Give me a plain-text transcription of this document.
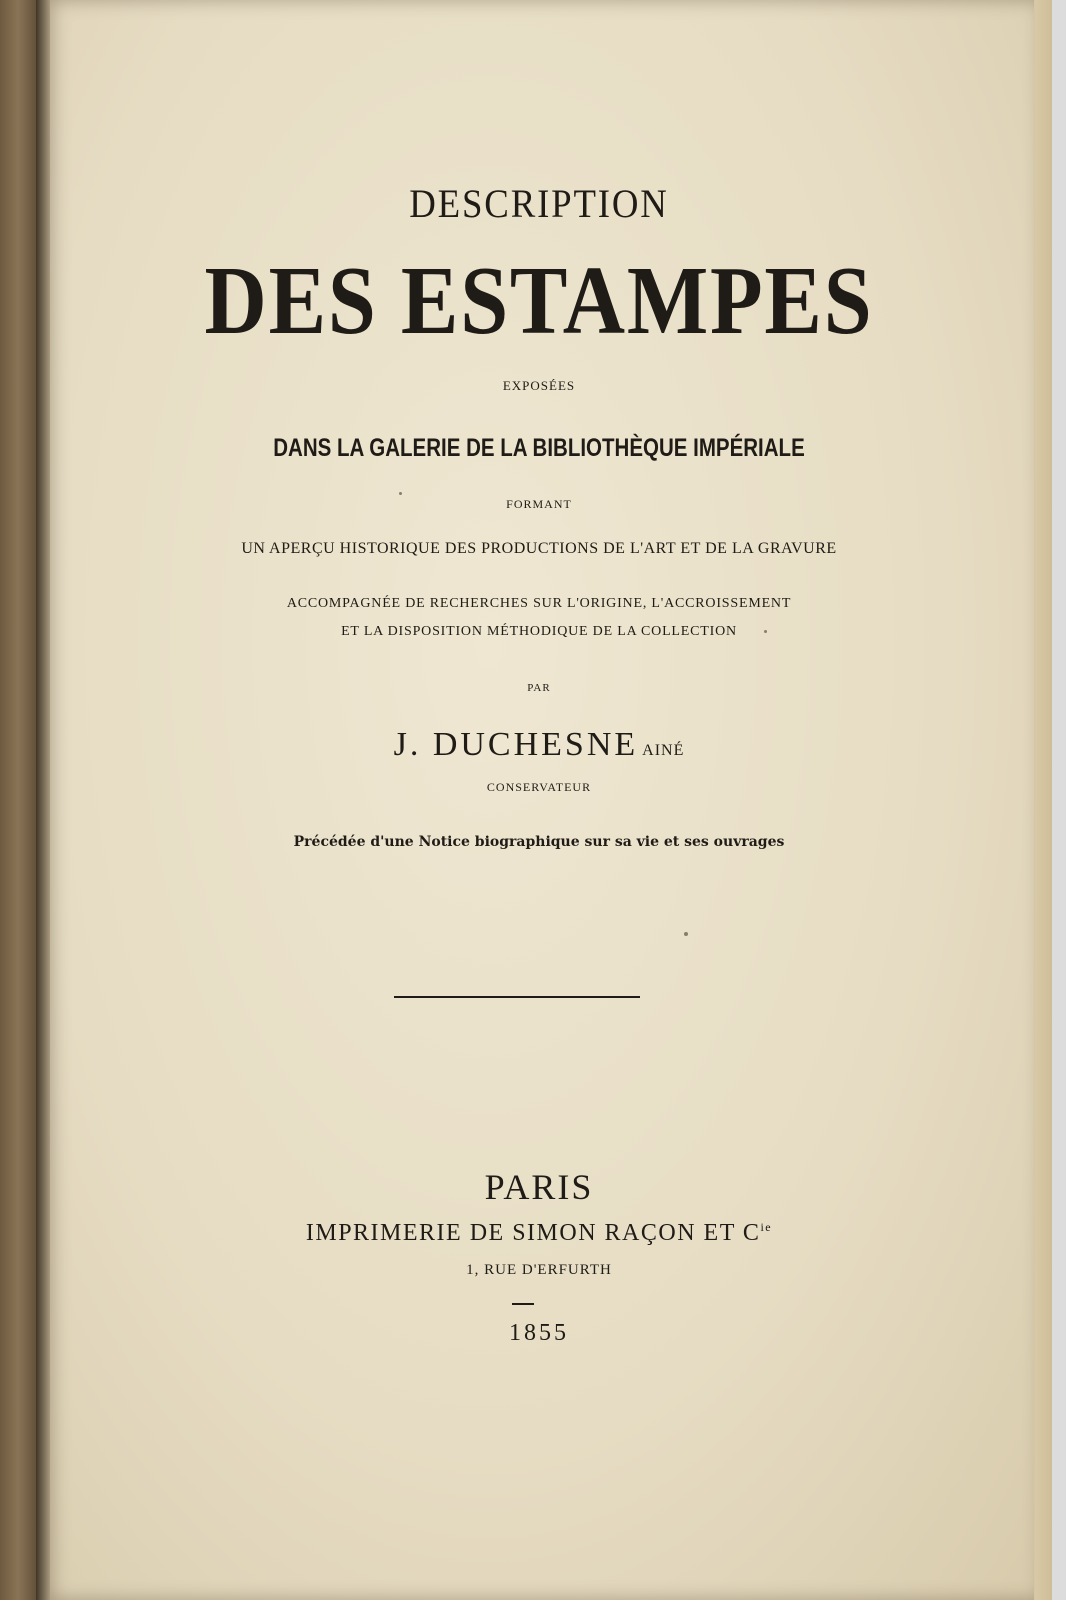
DESCRIPTION
DES ESTAMPES
EXPOSÉES
DANS LA GALERIE DE LA BIBLIOTHÈQUE IMPÉRIALE
FORMANT
UN APERÇU HISTORIQUE DES PRODUCTIONS DE L'ART ET DE LA GRAVURE
ACCOMPAGNÉE DE RECHERCHES SUR L'ORIGINE, L'ACCROISSEMENT
ET LA DISPOSITION MÉTHODIQUE DE LA COLLECTION
PAR
J. DUCHESNE AINÉ
CONSERVATEUR
Précédée d'une Notice biographique sur sa vie et ses ouvrages
PARIS
IMPRIMERIE DE SIMON RAÇON ET $C^{ie}$
1, RUE D'ERFURTH
1855
